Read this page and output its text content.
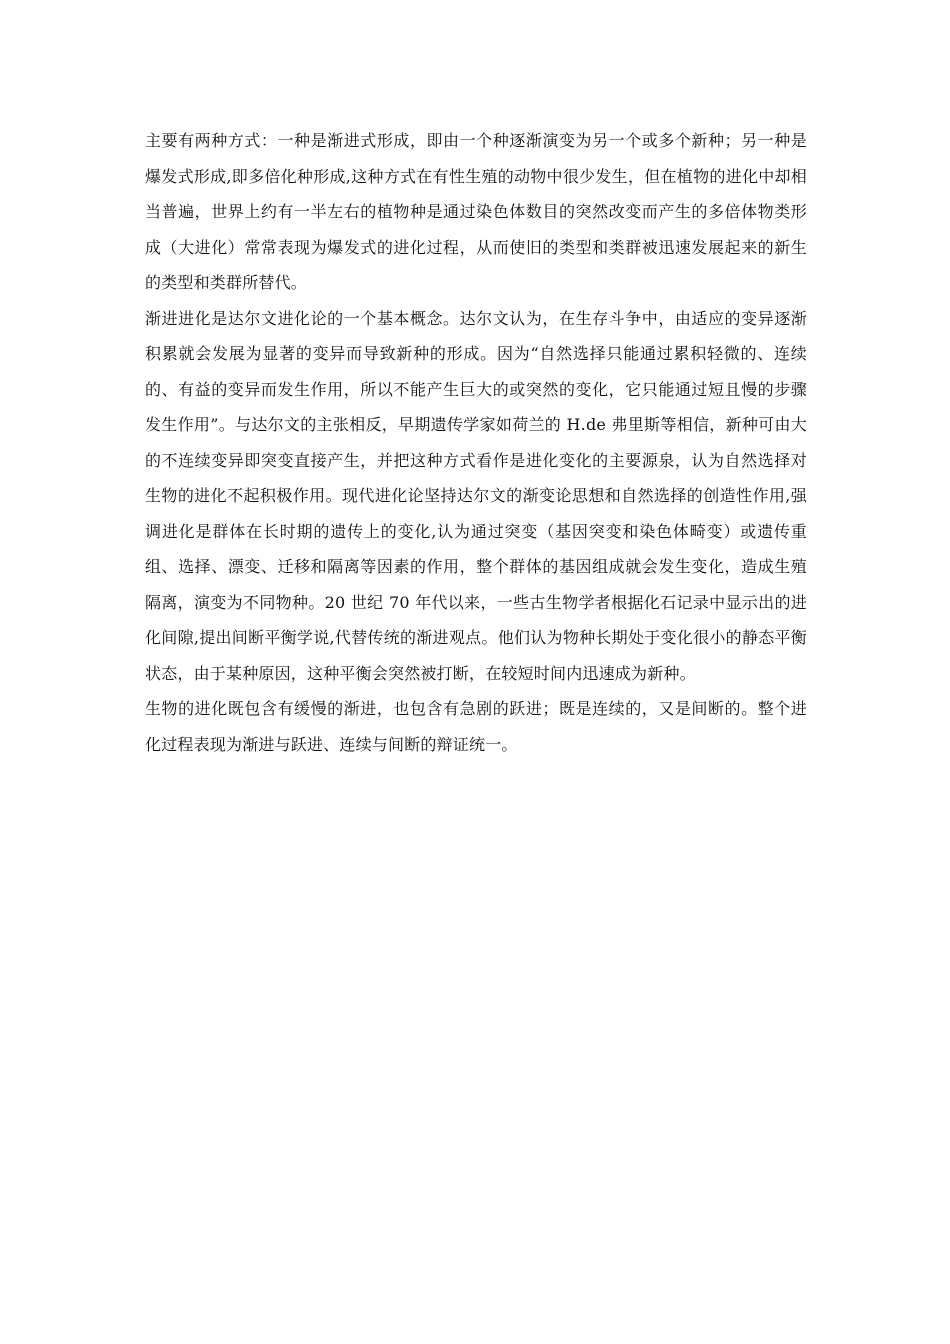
主要有两种方式：一种是渐进式形成，即由一个种逐渐演变为另一个或多个新种；另一种是爆发式形成,即多倍化种形成,这种方式在有性生殖的动物中很少发生，但在植物的进化中却相当普遍，世界上约有一半左右的植物种是通过染色体数目的突然改变而产生的多倍体物类形成（大进化）常常表现为爆发式的进化过程，从而使旧的类型和类群被迅速发展起来的新生的类型和类群所替代。

渐进进化是达尔文进化论的一个基本概念。达尔文认为，在生存斗争中，由适应的变异逐渐积累就会发展为显著的变异而导致新种的形成。因为“自然选择只能通过累积轻微的、连续的、有益的变异而发生作用，所以不能产生巨大的或突然的变化，它只能通过短且慢的步骤发生作用”。与达尔文的主张相反，早期遗传学家如荷兰的 H.de 弗里斯等相信，新种可由大的不连续变异即突变直接产生，并把这种方式看作是进化变化的主要源泉，认为自然选择对生物的进化不起积极作用。现代进化论坚持达尔文的渐变论思想和自然选择的创造性作用,强调进化是群体在长时期的遗传上的变化,认为通过突变（基因突变和染色体畸变）或遗传重组、选择、漂变、迁移和隔离等因素的作用，整个群体的基因组成就会发生变化，造成生殖隔离，演变为不同物种。20 世纪 70 年代以来，一些古生物学者根据化石记录中显示出的进化间隙,提出间断平衡学说,代替传统的渐进观点。他们认为物种长期处于变化很小的静态平衡状态，由于某种原因，这种平衡会突然被打断，在较短时间内迅速成为新种。

生物的进化既包含有缓慢的渐进，也包含有急剧的跃进；既是连续的，又是间断的。整个进化过程表现为渐进与跃进、连续与间断的辩证统一。
